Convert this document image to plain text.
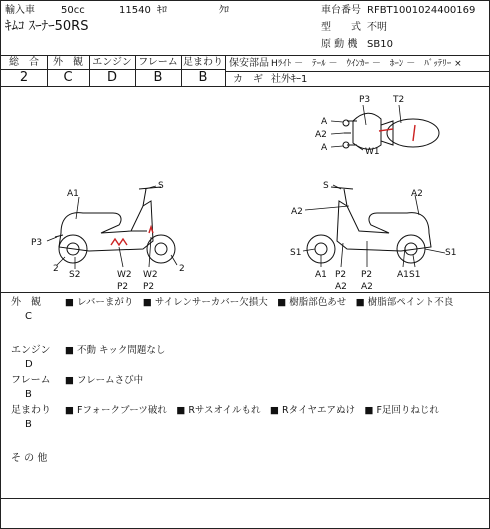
輸入車	50cc	11540 ｷﾛ	ｸﾛ
ｷﾑｺ ｽｰﾅｰ50RS
車台番号 RFBT1001024400169
型　　式 不明
原 動 機 SB10
総　合	外　観 エンジン フレーム 足まわり
2	C	D	B	B
保安部品 Hﾗｲﾄ －　ﾃｰﾙ －　ｳｲﾝｶｰ －　ﾎｰﾝ －　ﾊﾞｯﾃﾘｰ ×
カ　ギ 社外ｷｰ1
P3	T2
A
A2
A	W1
S
A1
P3
2
S2	W2
P2
W2
P2
2
S
A2
A2
S1	S1
A1 P2
A2
P2
A2
A1 S1
外　観
C
■ レバーまがり　■ サイレンサーカバー欠損大　■ 樹脂部色あせ　■ 樹脂部ペイント不良
エンジン
D
■ 不動 キック問題なし
フレーム
B
■ フレームさび中
足まわり
B
■ Fフォークブーツ破れ　■ Rサスオイルもれ　■ Rタイヤエアぬけ　■ F足回りねじれ
そ の 他
